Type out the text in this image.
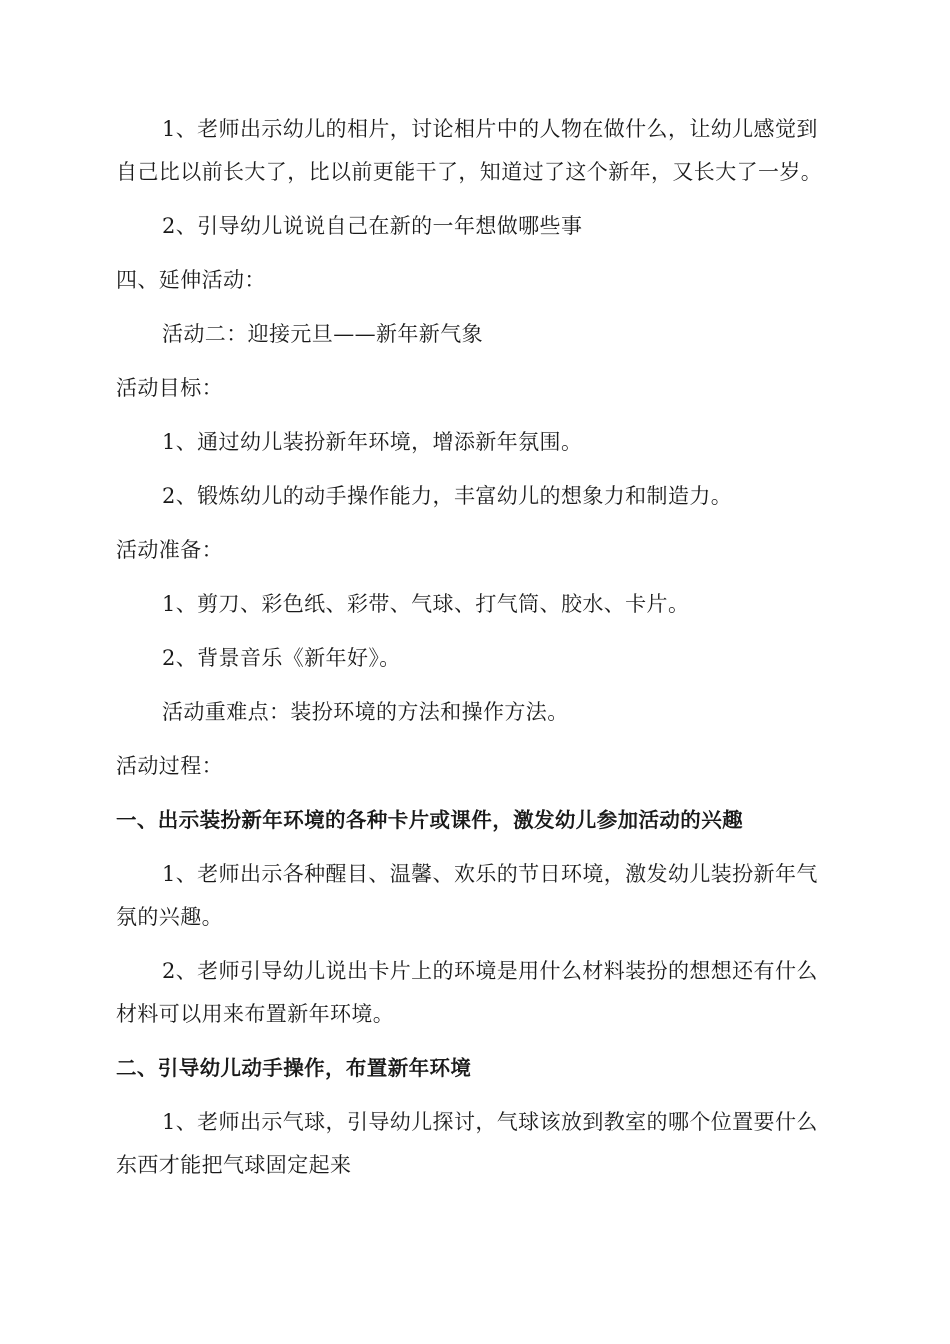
1、老师出示幼儿的相片，讨论相片中的人物在做什么，让幼儿感觉到自己比以前长大了，比以前更能干了，知道过了这个新年，又长大了一岁。

2、引导幼儿说说自己在新的一年想做哪些事

四、延伸活动：

活动二：迎接元旦——新年新气象

活动目标：

1、通过幼儿装扮新年环境，增添新年氛围。

2、锻炼幼儿的动手操作能力，丰富幼儿的想象力和制造力。

活动准备：

1、剪刀、彩色纸、彩带、气球、打气筒、胶水、卡片。

2、背景音乐《新年好》。

活动重难点：装扮环境的方法和操作方法。

活动过程：

一、出示装扮新年环境的各种卡片或课件，激发幼儿参加活动的兴趣

1、老师出示各种醒目、温馨、欢乐的节日环境，激发幼儿装扮新年气氛的兴趣。

2、老师引导幼儿说出卡片上的环境是用什么材料装扮的想想还有什么材料可以用来布置新年环境。

二、引导幼儿动手操作，布置新年环境

1、老师出示气球，引导幼儿探讨，气球该放到教室的哪个位置要什么东西才能把气球固定起来
